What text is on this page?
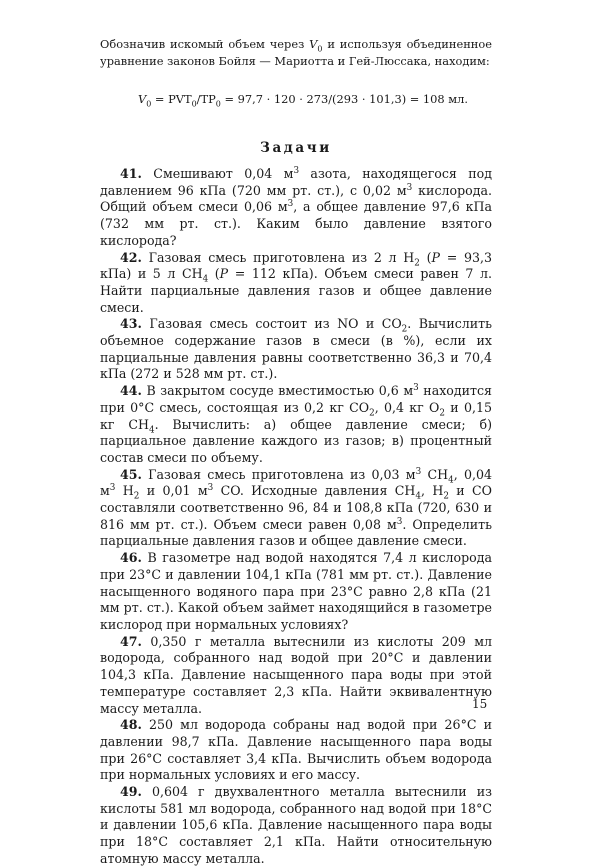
Обозначив искомый объем через $V_0$ и используя объединенное уравнение законов Бойля — Мариотта и Гей-Люссака, находим:

$V_0 = PVT_0/TP_0 = 97,7 \cdot 120 \cdot 273/(293 \cdot 101,3) = 108$ мл.
Задачи

41. Смешивают 0,04 $м^3$ азота, находящегося под давлением 96 кПа (720 мм рт. ст.), с 0,02 $м^3$ кислорода. Общий объем смеси 0,06 $м^3$, а общее давление 97,6 кПа (732 мм рт. ст.). Каким было давление взятого кислорода?

42. Газовая смесь приготовлена из 2 л $H_2$ (P = 93,3 кПа) и 5 л $CH_4$ (P = 112 кПа). Объем смеси равен 7 л. Найти парциальные давления газов и общее давление смеси.

43. Газовая смесь состоит из NO и $CO_2$. Вычислить объемное содержание газов в смеси (в %), если их парциальные давления равны соответственно 36,3 и 70,4 кПа (272 и 528 мм рт. ст.).

44. В закрытом сосуде вместимостью 0,6 $м^3$ находится при 0°C смесь, состоящая из 0,2 кг $CO_2$, 0,4 кг $O_2$ и 0,15 кг $CH_4$. Вычислить: а) общее давление смеси; б) парциальное давление каждого из газов; в) процентный состав смеси по объему.

45. Газовая смесь приготовлена из 0,03 $м^3$ $CH_4$, 0,04 $м^3$ $H_2$ и 0,01 $м^3$ CO. Исходные давления $CH_4$, $H_2$ и CO составляли соответственно 96, 84 и 108,8 кПа (720, 630 и 816 мм рт. ст.). Объем смеси равен 0,08 $м^3$. Определить парциальные давления газов и общее давление смеси.

46. В газометре над водой находятся 7,4 л кислорода при 23°C и давлении 104,1 кПа (781 мм рт. ст.). Давление насыщенного водяного пара при 23°C равно 2,8 кПа (21 мм рт. ст.). Какой объем займет находящийся в газометре кислород при нормальных условиях?

47. 0,350 г металла вытеснили из кислоты 209 мл водорода, собранного над водой при 20°C и давлении 104,3 кПа. Давление насыщенного пара воды при этой температуре составляет 2,3 кПа. Найти эквивалентную массу металла.

48. 250 мл водорода собраны над водой при 26°C и давлении 98,7 кПа. Давление насыщенного пара воды при 26°C составляет 3,4 кПа. Вычислить объем водорода при нормальных условиях и его массу.

49. 0,604 г двухвалентного металла вытеснили из кислоты 581 мл водорода, собранного над водой при 18°C и давлении 105,6 кПа. Давление насыщенного пара воды при 18°C составляет 2,1 кПа. Найти относительную атомную массу металла.

15
